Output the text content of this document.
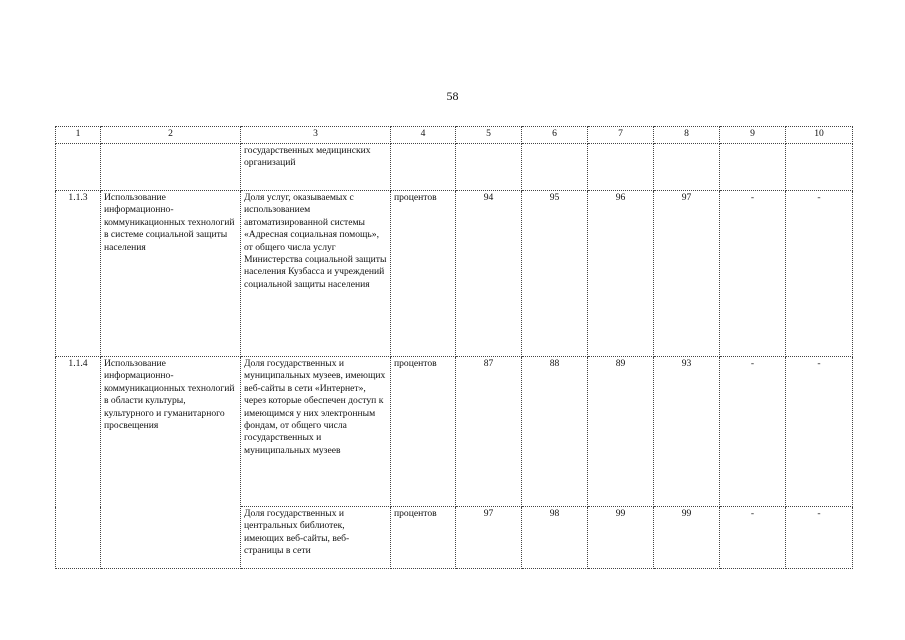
58
1	2	3	4	5	6	7	8	9	10
		государственных медицинских организаций							
1.1.3	Использование информационно-коммуникационных технологий в системе социальной защиты населения	Доля услуг, оказываемых с использованием автоматизированной системы «Адресная социальная помощь», от общего числа услуг Министерства социальной защиты населения Кузбасса и учреждений социальной защиты населения	процентов	94	95	96	97	-	-
1.1.4	Использование информационно-коммуникационных технологий в области культуры, культурного и гуманитарного просвещения	Доля государственных и муниципальных музеев, имеющих веб-сайты в сети «Интернет», через которые обеспечен доступ к имеющимся у них электронным фондам, от общего числа государственных и муниципальных музеев	процентов	87	88	89	93	-	-
		Доля государственных и центральных библиотек, имеющих веб-сайты, веб-страницы в сети	процентов	97	98	99	99	-	-
